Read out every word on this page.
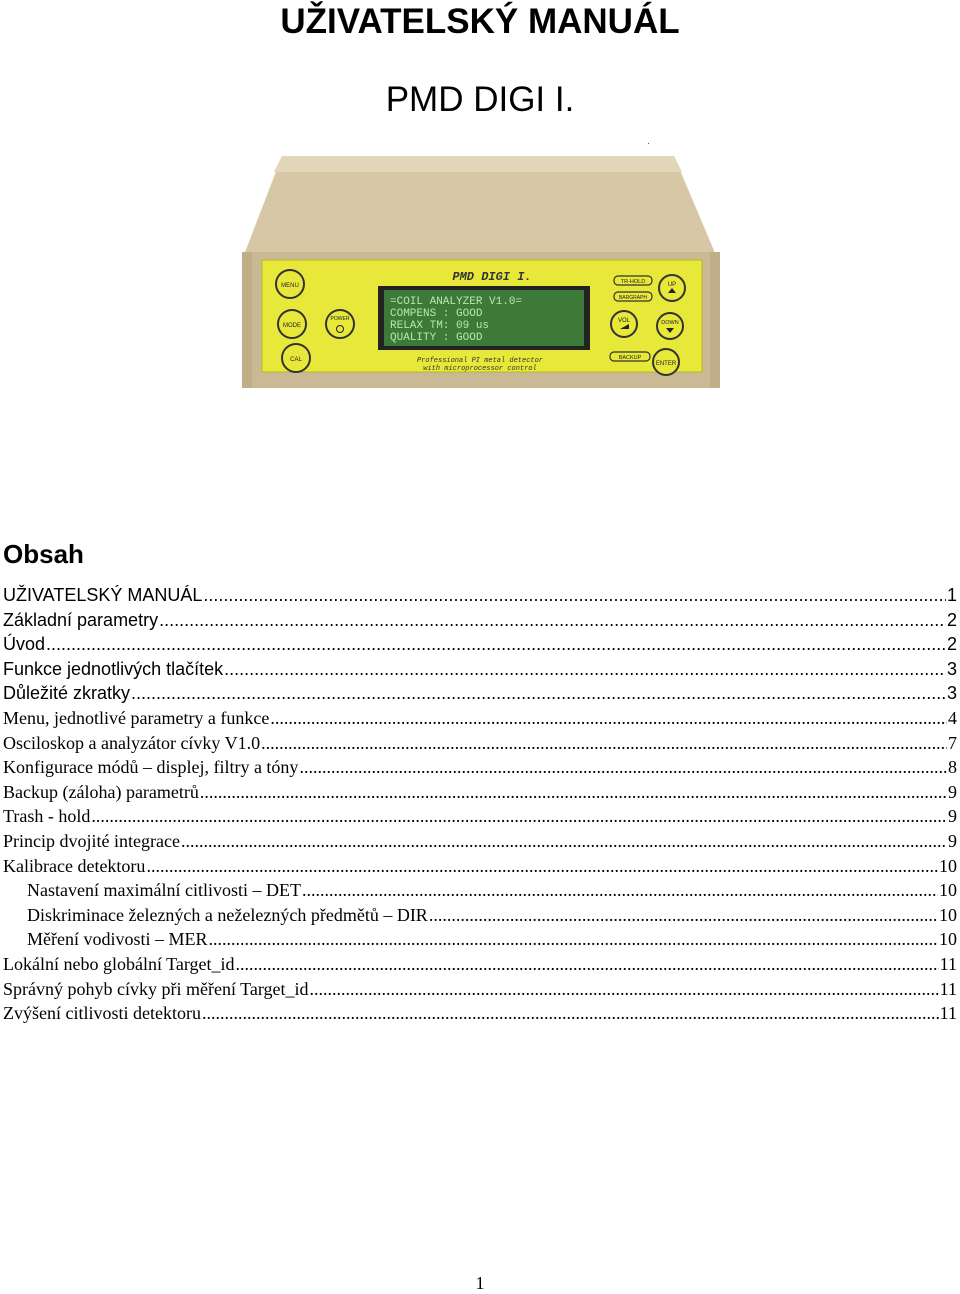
UŽIVATELSKÝ MANUÁL
PMD DIGI I.
.
PMD DIGI I.
=COIL ANALYZER V1.0=
COMPENS : GOOD
RELAX TM: 09 us
QUALITY : GOOD
Professional PI metal detector
with microprocessor control
MENU
MODE
CAL
POWER
TR-HOLD
BARGRAPH
UP
VOL	DOWN
BACKUP
ENTER
Obsah
UŽIVATELSKÝ MANUÁL .....	1
Základní parametry .....	2
Úvod .....	2
Funkce jednotlivých tlačítek .....	3
Důležité zkratky .....	3
Menu, jednotlivé parametry a funkce .....	4
Osciloskop a analyzátor cívky V1.0 .....	7
Konfigurace módů – displej, filtry a tóny .....	8
Backup (záloha) parametrů .....	9
Trash - hold .....	9
Princip dvojité integrace .....	9
Kalibrace detektoru .....	10
Nastavení maximální citlivosti – DET .....	10
Diskriminace železných a neželezných předmětů – DIR .....	10
Měření vodivosti – MER .....	10
Lokální nebo globální Target_id .....	11
Správný pohyb cívky při měření Target_id .....	11
Zvýšení citlivosti detektoru .....	11
1
